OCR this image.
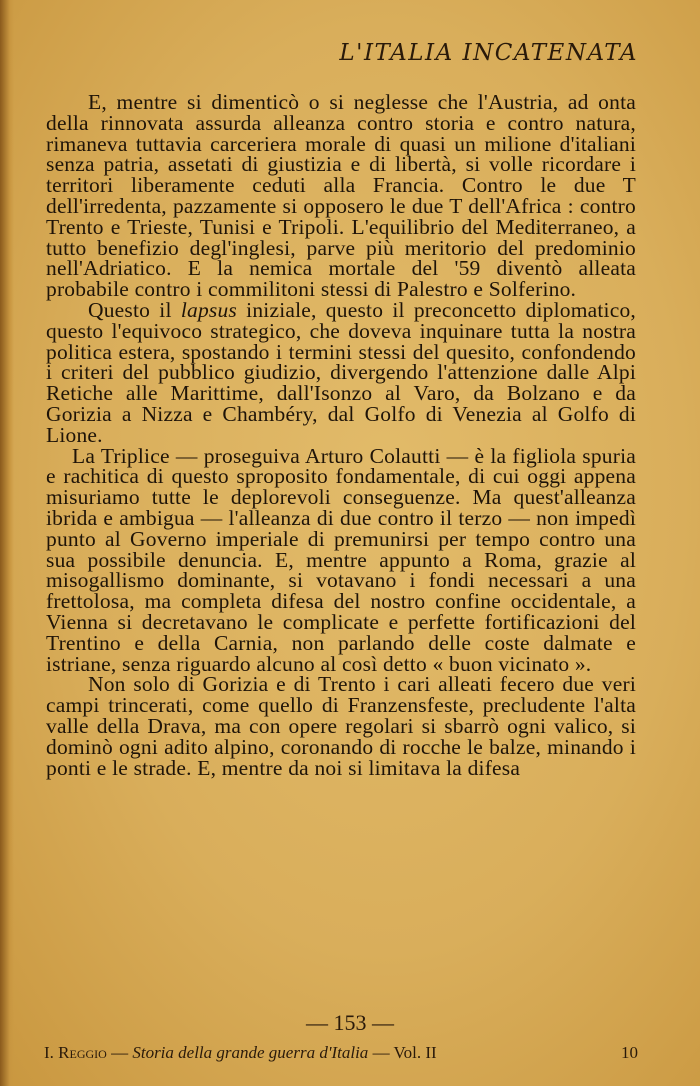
L'ITALIA INCATENATA

E, mentre si dimenticò o si neglesse che l'Austria, ad onta della rinnovata assurda alleanza contro storia e contro natura, rimaneva tuttavia carceriera morale di quasi un milione d'italiani senza patria, assetati di giustizia e di libertà, si volle ricordare i territori liberamente ceduti alla Francia. Contro le due T dell'irredenta, pazzamente si opposero le due T dell'Africa : contro Trento e Trieste, Tunisi e Tripoli. L'equilibrio del Mediterraneo, a tutto benefizio degl'inglesi, parve più meritorio del predominio nell'Adriatico. E la nemica mortale del '59 diventò alleata probabile contro i commilitoni stessi di Palestro e Solferino.

Questo il lapsus iniziale, questo il preconcetto diplomatico, questo l'equivoco strategico, che doveva inquinare tutta la nostra politica estera, spostando i termini stessi del quesito, confondendo i criteri del pubblico giudizio, divergendo l'attenzione dalle Alpi Retiche alle Marittime, dall'Isonzo al Varo, da Bolzano e da Gorizia a Nizza e Chambéry, dal Golfo di Venezia al Golfo di Lione.

La Triplice — proseguiva Arturo Colautti — è la figliola spuria e rachitica di questo sproposito fondamentale, di cui oggi appena misuriamo tutte le deplorevoli conseguenze. Ma quest'alleanza ibrida e ambigua — l'alleanza di due contro il terzo — non impedì punto al Governo imperiale di premunirsi per tempo contro una sua possibile denuncia. E, mentre appunto a Roma, grazie al misogallismo dominante, si votavano i fondi necessari a una frettolosa, ma completa difesa del nostro confine occidentale, a Vienna si decretavano le complicate e perfette fortificazioni del Trentino e della Carnia, non parlando delle coste dalmate e istriane, senza riguardo alcuno al così detto « buon vicinato ».

Non solo di Gorizia e di Trento i cari alleati fecero due veri campi trincerati, come quello di Franzensfeste, precludente l'alta valle della Drava, ma con opere regolari si sbarrò ogni valico, si dominò ogni adito alpino, coronando di rocche le balze, minando i ponti e le strade. E, mentre da noi si limitava la difesa

— 153 —
I. Reggio — Storia della grande guerra d'Italia — Vol. II	10
